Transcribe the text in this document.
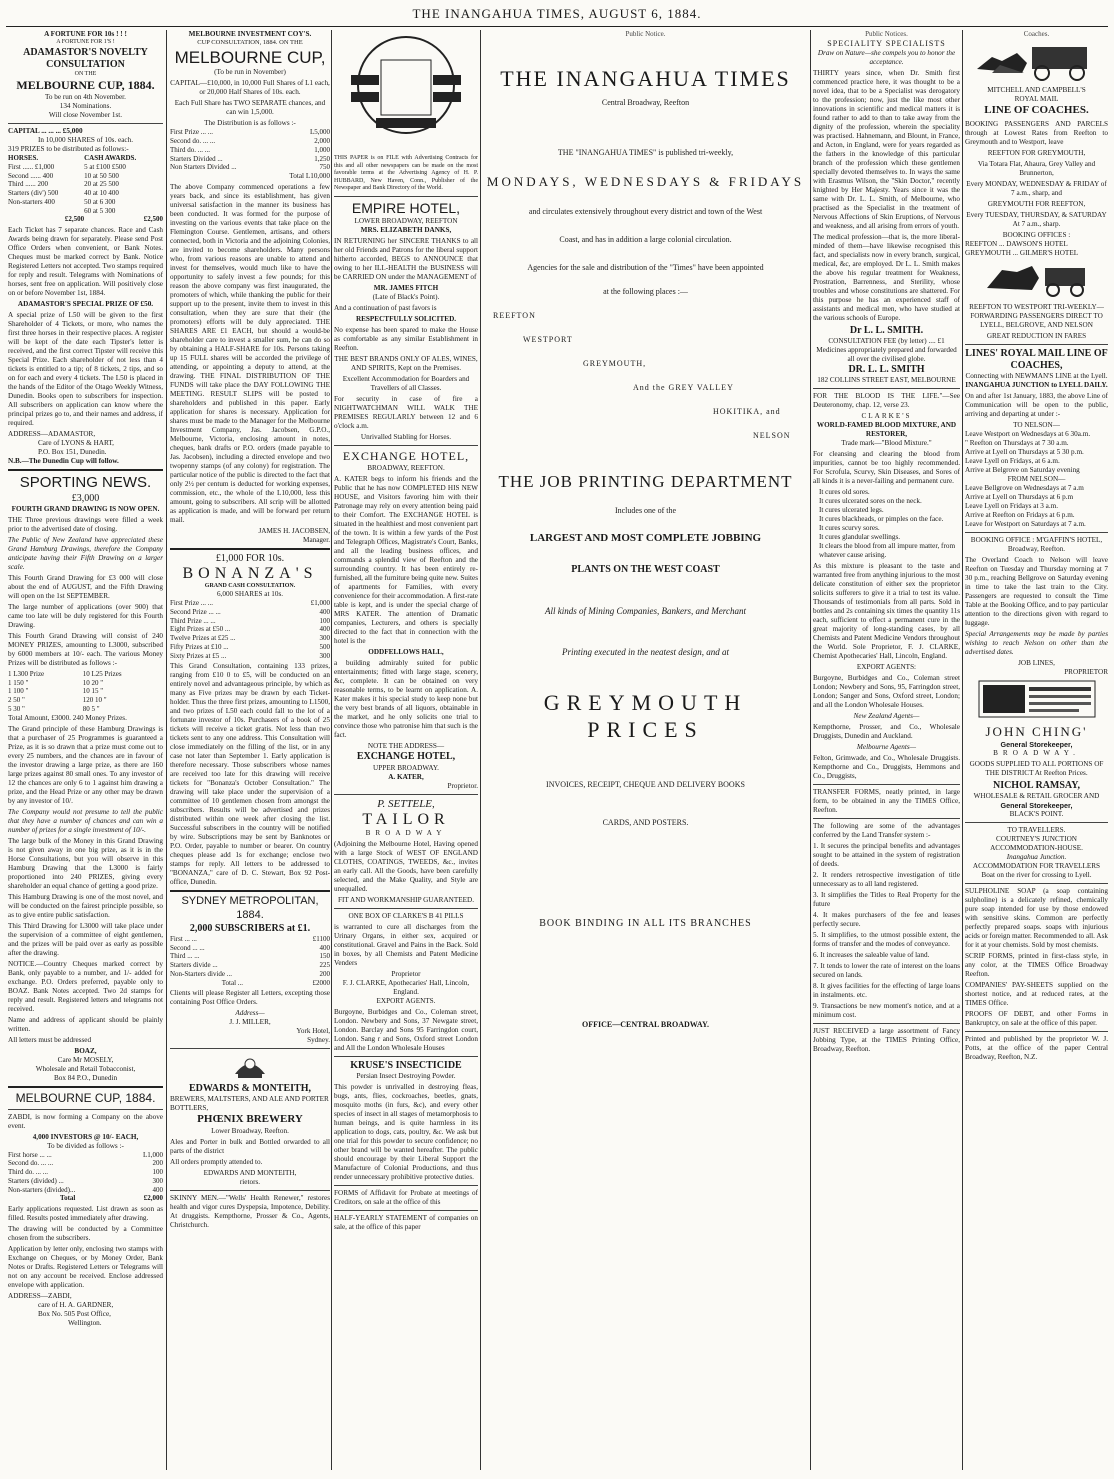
THE INANGAHUA TIMES, AUGUST 6, 1884.
A FORTUNE FOR 10s ! ! !
A FORTUNE FOR 1'S !
ADAMASTOR'S NOVELTY CONSULTATION
ON THE
MELBOURNE CUP, 1884.
To be run on 4th November.
134 Nominations.
Will close November 1st.
CAPITAL ... ... ... £5,000
In 10,000 SHARES of 10s. each.
319 PRIZES to be distributed as follows:-
HORSES.	CASH AWARDS.
First ...... £1,000	5 at £100 £500
Second ...... 400	10 at 50 500
Third ...... 200	20 at 25 500
Starters (div') 500	40 at 10 400
Non-starters 400	50 at 6 300
	60 at 5 300
£2,500	£2,500

Each Ticket has 7 separate chances. Race and Cash Awards being drawn for separately. Please send Post Office Orders when convenient, or Bank Notes. Cheques must be marked correct by Bank. Notice Registered Letters not accepted. Two stamps required for reply and result. Telegrams with Nominations of horses, sent free on application. Will positively close on or before November 1st, 1884.

ADAMASTOR'S SPECIAL PRIZE OF £50.

A special prize of L50 will be given to the first Shareholder of 4 Tickets, or more, who names the first three horses in their respective places. A register will be kept of the date each Tipster's letter is received, and the first correct Tipster will receive this Special Prize. Each shareholder of not less than 4 tickets is entitled to a tip; of 8 tickets, 2 tips, and so on for each and every 4 tickets. The L50 is placed in the hands of the Editor of the Otago Weekly Witness, Dunedin. Books open to subscribers for inspection. All subscribers on application can know where the principal prizes go to, and their names and address, if required.

ADDRESS—ADAMASTOR,
Care of LYONS & HART,
P.O. Box 151, Dunedin.
N.B.—The Dunedin Cup will follow.
SPORTING NEWS.
£3,000
FOURTH GRAND DRAWING IS NOW OPEN.

THE Three previous drawings were filled a week prior to the advertised date of closing.

The Public of New Zealand have appreciated these Grand Hamburg Drawings, therefore the Company anticipate having their Fifth Drawing on a larger scale.

This Fourth Grand Drawing for £3 000 will close about the end of AUGUST, and the Fifth Drawing will open on the 1st SEPTEMBER.

The large number of applications (over 900) that came too late will be duly registered for this Fourth Drawing.

This Fourth Grand Drawing will consist of 240 MONEY PRIZES, amounting to L3000, subscribed by 6000 members at 10/- each. The various Money Prizes will be distributed as follows :-

1 L300 Prize	10 L25 Prizes
1 150 "	10 20 "
1 100 "	10 15 "
2 50 "	120 10 "
5 30 "	80 5 "
Total Amount, £3000. 240 Money Prizes.

The Grand principle of these Hamburg Drawings is that a purchaser of 25 Programmes is guaranteed a Prize, as it is so drawn that a prize must come out to every 25 numbers, and the chances are in favour of the investor drawing a large prize, as there are 160 large prizes against 80 small ones. To any investor of 12 the chances are only 6 to 1 against him drawing a prize, and the Head Prize or any other may be drawn by any investor of 10/.

The Company would not presume to tell the public that they have a number of chances and can win a number of prizes for a single investment of 10/-.

The large bulk of the Money in this Grand Drawing is not given away in one big prize, as it is in the Horse Consultations, but you will observe in this Hamburg Drawing that the L3000 is fairly proportioned into 240 PRIZES, giving every shareholder an equal chance of getting a good prize.

This Hamburg Drawing is one of the most novel, and will be conducted on the fairest principle possible, so as to give entire public satisfaction.

This Third Drawing for L3000 will take place under the supervision of a committee of eight gentlemen, and the prizes will be paid over as early as possible after the drawing.

NOTICE.—Country Cheques marked correct by Bank, only payable to a number, and 1/- added for exchange. P.O. Orders preferred, payable only to BOAZ. Bank Notes accepted. Two 2d stamps for reply and result. Registered letters and telegrams not received.

Name and address of applicant should be plainly written.

All letters must be addressed

BOAZ,
Care Mr MOSELY,
Wholesale and Retail Tobacconist,
Box 84 P.O., Dunedin
MELBOURNE CUP, 1884.

ZABDI, is now forming a Company on the above event.

4,000 INVESTORS @ 10/- EACH,
To be divided as follows :-
First horse ... ...	L1,000
Second do. ... ...	200
Third do. ... ...	100
Starters (divided) ...	300
Non-starters (divided)...	400
Total	£2,000

Early applications requested. List drawn as soon as filled. Results posted immediately after drawing.

The drawing will be conducted by a Committee chosen from the subscribers.

Application by letter only, enclosing two stamps with Exchange on Cheques, or by Money Order, Bank Notes or Drafts. Registered Letters or Telegrams will not on any account be received. Enclose addressed envelope with application.

ADDRESS—ZABDI,
care of H. A. GARDNER,
Box No. 505 Post Office,
Wellington.
MELBOURNE INVESTMENT COY'S.
CUP CONSULTATION, 1884. ON THE
MELBOURNE CUP,
(To be run in November)

CAPITAL—£10,000, in 10,000 Full Shares of L1 each, or 20,000 Half Shares of 10s. each.

Each Full Share has TWO SEPARATE chances, and can win 1,5,000.

The Distribution is as follows :-
First Prize ... ...	L5,000
Second do. ... ...	2,000
Third do. ... ...	1,000
Starters Divided ...	1,250
Non Starters Divided ...	750
Total L10,000

The above Company commenced operations a few years back, and since its establishment, has given universal satisfaction in the manner its business has been conducted. It was formed for the purpose of investing on the various events that take place on the Flemington Course. Gentlemen, artisans, and others connected, both in Victoria and the adjoining Colonies, are invited to become shareholders. Many persons who, from various reasons are unable to attend and invest for themselves, would much like to have the opportunity to safely invest a few pounds; for this reason the above company was first inaugurated, the promoters of which, while thanking the public for their support up to the present, invite them to invest in this consultation, when they are sure that their (the promoters) efforts will be duly appreciated. THE SHARES ARE £1 EACH, but should a would-be shareholder care to invest a smaller sum, he can do so by obtaining a HALF-SHARE for 10s. Persons taking up 15 FULL shares will be accorded the privilege of attending, or appointing a deputy to attend, at the drawing. THE FINAL DISTRIBUTION OF THE FUNDS will take place the DAY FOLLOWING THE MEETING. RESULT SLIPS will be posted to shareholders and published in this paper. Early application for shares is necessary. Application for shares must be made to the Manager for the Melbourne Investment Company, Jas. Jacobsen, G.P.O., Melbourne, Victoria, enclosing amount in notes, cheques, bank drafts or P.O. orders (made payable to Jas. Jacobsen), including a directed envelope and two twopenny stamps (of any colony) for registration. The particular notice of the public is directed to the fact that only 2½ per centum is deducted for working expenses, commission, etc., the whole of the L10,000, less this amount, going to subscribers. All scrip will be allotted as application is made, and will be forward per return mail.

JAMES H. JACOBSEN,
Manager.
£1,000 FOR 10s.
BONANZA'S
GRAND CASH CONSULTATION.
6,000 SHARES at 10s.
First Prize ... ...	£1,000
Second Prize ... ...	400
Third Prize ... ...	100
Eight Prizes at £50 ...	400
Twelve Prizes at £25 ...	300
Fifty Prizes at £10 ...	500
Sixty Prizes at £5 ...	300

This Grand Consultation, containing 133 prizes, ranging from £10 0 to £5, will be conducted on an entirely novel and advantageous principle, by which as many as Five prizes may be drawn by each Ticket-holder. Thus the three first prizes, amounting to L1500, and two prizes of L50 each could fall to the lot of a fortunate investor of 10s. Purchasers of a book of 25 tickets will receive a ticket gratis. Not less than two tickets sent to any one address. This Consultation will close immediately on the filling of the list, or in any case not later than September 1. Early application is therefore necessary. Those subscribers whose names are received too late for this drawing will receive tickets for "Bonanza's October Consultation." The drawing will take place under the supervision of a committee of 10 gentlemen chosen from amongst the subscribers. Results will be advertised and prizes distributed within one week after closing the list. Successful subscribers in the country will be notified by wire. Subscriptions may be sent by Banknotes or P.O. Order, payable to number or bearer. On country cheques please add 1s for exchange; enclose two stamps for reply. All letters to be addressed to "BONANZA," care of D. C. Stewart, Box 92 Post-office, Dunedin.

SYDNEY METROPOLITAN, 1884.
2,000 SUBSCRIBERS at £1.
First ... ...	£1100
Second ... ...	400
Third ... ...	150
Starters divide ...	225
Non-Starters divide ...	200
Total ...	£2000

Clients will please Register all Letters, excepting those containing Post Office Orders.

Address—
J. J. MILLER,
York Hotel,
Sydney.
EDWARDS & MONTEITH,
BREWERS, MALTSTERS, AND ALE AND PORTER BOTTLERS,
PHŒNIX BREWERY
Lower Broadway, Reefton.

Ales and Porter in bulk and Bottled orwarded to all parts of the district

All orders promptly attended to.

EDWARDS AND MONTEITH,
rietors.

SKINNY MEN.—"Wells' Health Renewer," restores health and vigor cures Dyspepsia, Impotence, Debility. At druggists. Kempthorne, Prosser & Co., Agents, Christchurch.

THIS PAPER is on FILE with Advertising Contracts for this and all other newspapers can be made on the most favorable terms at the Advertising Agency of H. P. HUBBARD, New Haven, Conn., Publisher of the Newspaper and Bank Directory of the World.

EMPIRE HOTEL,
LOWER BROADWAY, REEFTON
MRS. ELIZABETH DANKS,

IN RETURNING her SINCERE THANKS to all her old Friends and Patrons for the liberal support hitherto accorded, BEGS to ANNOUNCE that owing to her ILL-HEALTH the BUSINESS will be CARRIED ON under the MANAGEMENT of

MR. JAMES FITCH
(Late of Black's Point).

And a continuation of past favors is

RESPECTFULLY SOLICITED.

No expense has been spared to make the House as comfortable as any similar Establishment in Reefton.

THE BEST BRANDS ONLY OF ALES, WINES, AND SPIRITS, Kept on the Premises.

Excellent Accommodation for Boarders and Travellers of all Classes.

For security in case of fire a NIGHTWATCHMAN WILL WALK THE PREMISES REGULARLY between 12 and 6 o'clock a.m.

Unrivalled Stabling for Horses.
EXCHANGE HOTEL,
BROADWAY, REEFTON.

A. KATER begs to inform his friends and the Public that he has now COMPLETED HIS NEW HOUSE, and Visitors favoring him with their Patronage may rely on every attention being paid to their Comfort. The EXCHANGE HOTEL is situated in the healthiest and most convenient part of the town. It is within a few yards of the Post and Telegraph Offices, Magistrate's Court, Banks, and all the leading business offices, and commands a splendid view of Reefton and the surrounding country. It has been entirely re-furnished, all the furniture being quite new. Suites of apartments for Families, with every convenience for their accommodation. A first-rate table is kept, and is under the special charge of MRS KATER. The attention of Dramatic companies, Lecturers, and others is specially directed to the fact that in connection with the hotel is the

ODDFELLOWS HALL,

a building admirably suited for public entertainments; fitted with large stage, scenery, &c, complete. It can be obtained on very reasonable terms, to be learnt on application. A. Kater makes it his special study to keep none but the very best brands of all liquors, obtainable in the market, and he only solicits one trial to convince those who patronise him that such is the fact.

NOTE THE ADDRESS—
EXCHANGE HOTEL,
UPPER BROADWAY.
A. KATER,
Proprietor.
P. SETTELE,
TAILOR
BROADWAY

(Adjoining the Melbourne Hotel, Having opened with a large Stock of WEST OF ENGLAND CLOTHS, COATINGS, TWEEDS, &c., invites an early call. All the Goods, have been carefully selected, and the Make Quality, and Style are unequalled.

FIT AND WORKMANSHIP GUARANTEED.
ONE BOX OF CLARKE'S B 41 PILLS

is warranted to cure all discharges from the Urinary Organs, in either sex, acquired or constitutional. Gravel and Pains in the Back. Sold in boxes, by all Chemists and Patent Medicine Venders

Proprietor
F. J. CLARKE, Apothecaries' Hall, Lincoln, England.
EXPORT AGENTS.

Burgoyne, Burbidges and Co., Coleman street, London. Newbery and Sons, 37 Newgate street, London. Barclay and Sons 95 Farringdon court, London. Sang r and Sons, Oxford street London and All the London Wholesale Houses

KRUSE'S INSECTICIDE
Persian Insect Destroying Powder.

This powder is unrivalled in destroying fleas, bugs, ants, flies, cockroaches, beetles, gnats, mosquito moths (in furs, &c), and every other species of insect in all stages of metamorphosis to human beings, and is quite harmless in its application to dogs, cats, poultry, &c. We ask but one trial for this powder to secure confidence; no other brand will be wanted hereafter. The public should encourage by their Liberal Support the Manufacture of Colonial Productions, and thus render unnecessary prohibitive protective duties.

FORMS of Affidavit for Probate at meetings of Creditors, on sale at the office of this

HALF-YEARLY STATEMENT of companies on sale, at the office of this paper

Public Notice.
THE INANGAHUA TIMES
Central Broadway, Reefton
THE "INANGAHUA TIMES" is published tri-weekly,
MONDAYS, WEDNESDAYS & FRIDAYS
and circulates extensively throughout every district and town of the West
Coast, and has in addition a large colonial circulation.
Agencies for the sale and distribution of the "Times" have been appointed
at the following places :—
REEFTON
WESTPORT
GREYMOUTH,
And the GREY VALLEY
HOKITIKA, and
NELSON
THE JOB PRINTING DEPARTMENT
Includes one of the
LARGEST AND MOST COMPLETE JOBBING
PLANTS ON THE WEST COAST
All kinds of Mining Companies, Bankers, and Merchant
Printing executed in the neatest design, and at
GREYMOUTH PRICES
INVOICES, RECEIPT, CHEQUE AND DELIVERY BOOKS
CARDS, AND POSTERS.
BOOK BINDING IN ALL ITS BRANCHES
OFFICE—CENTRAL BROADWAY.
Public Notices.
SPECIALITY SPECIALISTS
Draw on Nature—she compels you to honor the acceptance.

THIRTY years since, when Dr. Smith first commenced practice here, it was thought to be a novel idea, that to be a Specialist was derogatory to the profession; now, just the like most other innovations in scientific and medical matters it is found rather to add to than to take away from the dignity of the profession, wherein the speciality was practised. Hahnemann, and Blount, in France, and Acton, in England, were for years regarded as the fathers in the knowledge of this particular branch of the profession which these gentlemen specially devoted themselves to. In ways the same with Erasmus Wilson, the "Skin Doctor," recently knighted by Her Majesty. Years since it was the same with Dr. L. L. Smith, of Melbourne, who practised as the Specialist in the treatment of Nervous Affections of Skin Eruptions, of Nervous and weakness, and all arising from errors of youth.

The medical profession—that is, the more liberal-minded of them—have likewise recognised this fact, and specialists now in every branch, surgical, medical, &c, are employed. Dr L. L. Smith makes the above his regular treatment for Weakness, Prostration, Barrenness, and Sterility, whose troubles and whose constitutions are shattered. For this purpose he has an experienced staff of assistants and medical men, who have studied at the various schools of Europe.

Dr L. L. SMITH.
CONSULTATION FEE (by letter) .... £1
Medicines appropriately prepared and forwarded all over the civilised globe.
DR. L. L. SMITH
182 COLLINS STREET EAST, MELBOURNE

FOR THE BLOOD IS THE LIFE."—See Deuteronomy, chap. 12, verse 23.

CLARKE'S
WORLD-FAMED BLOOD MIXTURE, AND RESTORER,
Trade mark—"Blood Mixture."

For cleansing and clearing the blood from impurities, cannot be too highly recommended. For Scrofula, Scurvy, Skin Diseases, and Sores of all kinds it is a never-failing and permanent cure.

It cures old sores.
It cures ulcerated sores on the neck.
It cures ulcerated legs.
It cures blackheads, or pimples on the face.
It cures scurvy sores.
It cures glandular swellings.
It clears the blood from all impure matter, from whatever cause arising.

As this mixture is pleasant to the taste and warranted free from anything injurious to the most delicate constitution of either sex the proprietor solicits sufferers to give it a trial to test its value. Thousands of testimonials from all parts. Sold in bottles and 2s containing six times the quantity 11s each, sufficient to effect a permanent cure in the great majority of long-standing cases, by all Chemists and Patent Medicine Vendors throughout the World. Sole Proprietor, F. J. CLARKE, Chemist Apothecaries' Hall, Lincoln, England.

EXPORT AGENTS:

Burgoyne, Burbidges and Co., Coleman street London; Newbery and Sons, 95, Farringdon street, London; Sanger and Sons, Oxford street, London; and all the London Wholesale Houses.

New Zealand Agents—

Kempthorne, Prosser, and Co., Wholesale Druggists, Dunedin and Auckland.

Melbourne Agents—

Felton, Grimwade, and Co., Wholesale Druggists. Kempthorne and Co., Druggists, Hemmons and Co., Druggists,

TRANSFER FORMS, neatly printed, in large form, to be obtained in any the TIMES Office, Reefton.

The following are some of the advantages conferred by the Land Transfer system :-

1. It secures the principal benefits and advantages sought to be attained in the system of registration of deeds.

2. It renders retrospective investigation of title unnecessary as to all land registered.

3. It simplifies the Titles to Real Property for the future

4. It makes purchasers of the fee and leases perfectly secure.

5. It simplifies, to the utmost possible extent, the forms of transfer and the modes of conveyance.

6. It increases the saleable value of land.

7. It tends to lower the rate of interest on the loans secured on lands.

8. It gives facilities for the effecting of large loans in instalments. etc.

9. Transactions be new moment's notice, and at a minimum cost.

JUST RECEIVED a large assortment of Fancy Jobbing Type, at the TIMES Printing Office, Broadway, Reefton.

Coaches.
MITCHELL AND CAMPBELL'S
ROYAL MAIL
LINE OF COACHES.

BOOKING PASSENGERS AND PARCELS through at Lowest Rates from Reefton to Greymouth and to Westport, leave

REEFTON FOR GREYMOUTH,

Via Totara Flat, Ahaura, Grey Valley and Brunnerton,

Every MONDAY, WEDNESDAY & FRIDAY of 7 a.m., sharp, and

GREYMOUTH FOR REEFTON,

Every TUESDAY, THURSDAY, & SATURDAY At 7 a.m., sharp.

BOOKING OFFICES :
REEFTON ... DAWSON'S HOTEL
GREYMOUTH ... GILMER'S HOTEL

REEFTON TO WESTPORT TRI-WEEKLY—FORWARDING PASSENGERS DIRECT TO LYELL, BELGROVE, AND NELSON

GREAT REDUCTION IN FARES
LINES' ROYAL MAIL LINE OF COACHES,
Connecting with NEWMAN'S LINE at the Lyell.
INANGAHUA JUNCTION to LYELL DAILY.

On and after 1st January, 1883, the above Line of Communication will be open to the public, arriving and departing at under :-

TO NELSON—
Leave Westport on Wednesdays at 6 30a.m.
" Reefton on Thursdays at 7 30 a.m.
Arrive at Lyell on Thursdays at 5 30 p.m.
Leave Lyell on Fridays, at 6 a.m.
Arrive at Belgrove on Saturday evening
FROM NELSON—
Leave Bellgrove on Wednesdays at 7 a.m
Arrive at Lyell on Thursdays at 6 p.m
Leave Lyell on Fridays at 3 a.m.
Arrive at Reefton on Fridays at 6 p.m.
Leave for Westport on Saturdays at 7 a.m.

BOOKING OFFICE : M'GAFFIN'S HOTEL, Broadway, Reefton.

The Overland Coach to Nelson will leave Reefton on Tuesday and Thursday morning at 7 30 p.m., reaching Bellgrove on Saturday evening in time to take the last train to the City. Passengers are requested to consult the Time Table at the Booking Office, and to pay particular attention to the directions given with regard to luggage.

Special Arrangements may be made by parties wishing to reach Nelson on other than the advertised dates.

JOB LINES,
PROPRIETOR
JOHN CHING'
General Storekeeper,
BROADWAY.

GOODS SUPPLIED TO ALL PORTIONS OF THE DISTRICT At Reefton Prices.

NICHOL RAMSAY,
WHOLESALE & RETAIL GROCER AND
General Storekeeper,
BLACK'S POINT.
TO TRAVELLERS.
COURTNEY'S JUNCTION ACCOMMODATION-HOUSE.
Inangahua Junction.
ACCOMMODATION FOR TRAVELLERS
Boat on the river for crossing to Lyell.

SULPHOLINE SOAP (a soap containing sulpholine) is a delicately refined, chemically pure soap intended for use by those endowed with sensitive skins. Common are perfectly perfectly prepared soaps. soaps with injurious acids or foreign matter. Recommended to all. Ask for it at your chemists. Sold by most chemists.

SCRIP FORMS, printed in first-class style, in any color, at the TIMES Office Broadway Reefton.

COMPANIES' PAY-SHEETS supplied on the shortest notice, and at reduced rates, at the TIMES Office.

PROOFS OF DEBT, and other Forms in Bankruptcy, on sale at the office of this paper.

Printed and published by the proprietor W. J. Potts, at the office of the paper Central Broadway, Reefton, N.Z.
